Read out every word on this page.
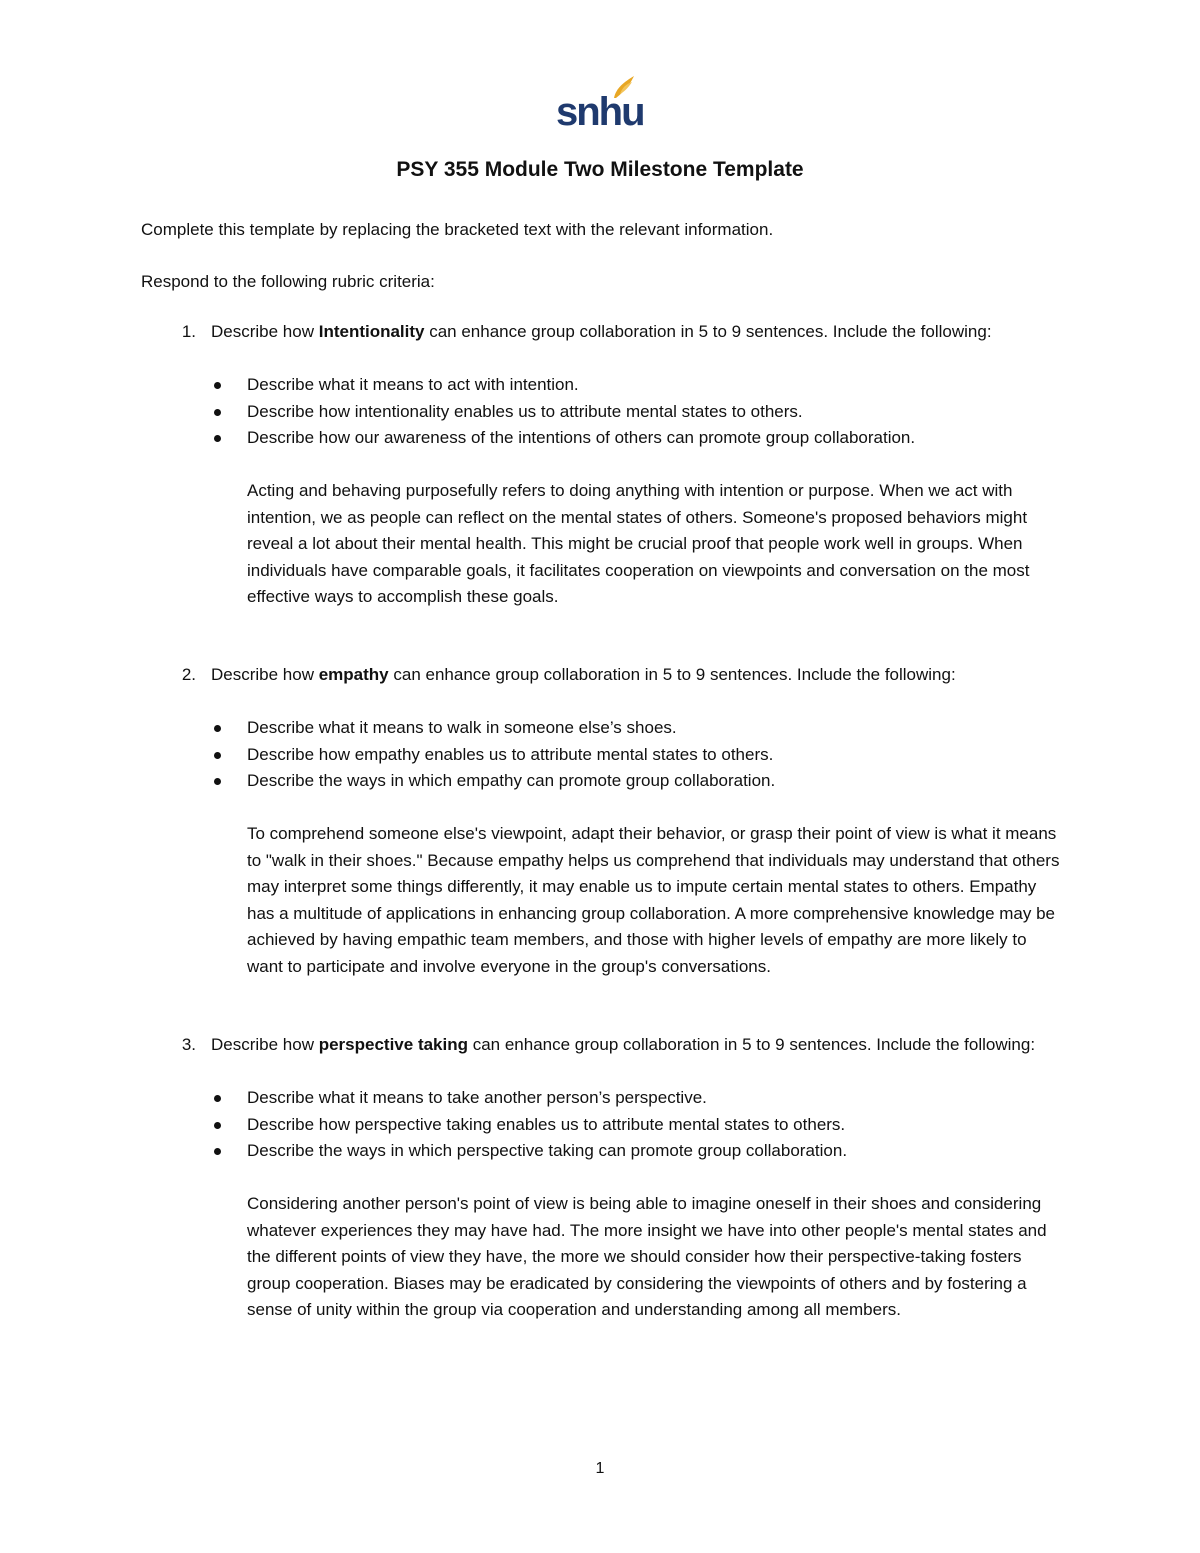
snhu
PSY 355 Module Two Milestone Template
Complete this template by replacing the bracketed text with the relevant information.
Respond to the following rubric criteria:
1. Describe how Intentionality can enhance group collaboration in 5 to 9 sentences. Include the following:
Describe what it means to act with intention.
Describe how intentionality enables us to attribute mental states to others.
Describe how our awareness of the intentions of others can promote group collaboration.
Acting and behaving purposefully refers to doing anything with intention or purpose. When we act with intention, we as people can reflect on the mental states of others. Someone's proposed behaviors might reveal a lot about their mental health. This might be crucial proof that people work well in groups. When individuals have comparable goals, it facilitates cooperation on viewpoints and conversation on the most effective ways to accomplish these goals.
2. Describe how empathy can enhance group collaboration in 5 to 9 sentences. Include the following:
Describe what it means to walk in someone else’s shoes.
Describe how empathy enables us to attribute mental states to others.
Describe the ways in which empathy can promote group collaboration.
To comprehend someone else's viewpoint, adapt their behavior, or grasp their point of view is what it means to "walk in their shoes." Because empathy helps us comprehend that individuals may understand that others may interpret some things differently, it may enable us to impute certain mental states to others. Empathy has a multitude of applications in enhancing group collaboration. A more comprehensive knowledge may be achieved by having empathic team members, and those with higher levels of empathy are more likely to want to participate and involve everyone in the group's conversations.
3. Describe how perspective taking can enhance group collaboration in 5 to 9 sentences. Include the following:
Describe what it means to take another person’s perspective.
Describe how perspective taking enables us to attribute mental states to others.
Describe the ways in which perspective taking can promote group collaboration.
Considering another person's point of view is being able to imagine oneself in their shoes and considering whatever experiences they may have had. The more insight we have into other people's mental states and the different points of view they have, the more we should consider how their perspective-taking fosters group cooperation. Biases may be eradicated by considering the viewpoints of others and by fostering a sense of unity within the group via cooperation and understanding among all members.
1
